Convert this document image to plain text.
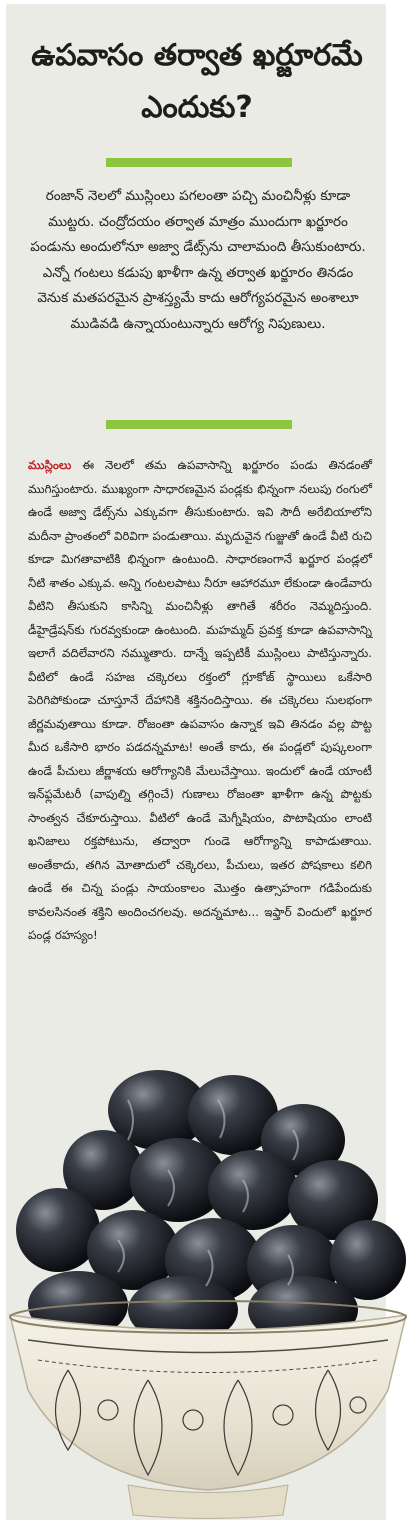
ఉపవాసం తర్వాత ఖర్జూరమే ఎందుకు?
రంజాన్ నెలలో ముస్లింలు పగలంతా పచ్చి మంచినీళ్లు కూడా ముట్టరు. చంద్రోదయం తర్వాత మాత్రం ముందుగా ఖర్జూరం పండును అందులోనూ అజ్వా డేట్స్‌ను చాలామంది తీసుకుంటారు. ఎన్నో గంటలు కడుపు ఖాళీగా ఉన్న తర్వాత ఖర్జూరం తినడం వెనుక మతపరమైన ప్రాశస్త్యమే కాదు ఆరోగ్యపరమైన అంశాలూ ముడివడి ఉన్నాయంటున్నారు ఆరోగ్య నిపుణులు.
ముస్లింలు ఈ నెలలో తమ ఉపవాసాన్ని ఖర్జూరం పండు తినడంతో ముగిస్తుంటారు. ముఖ్యంగా సాధారణమైన పండ్లకు భిన్నంగా నలుపు రంగులో ఉండే అజ్వా డేట్స్‌ను ఎక్కువగా తీసుకుంటారు. ఇవి సౌదీ అరేబియాలోని మదీనా ప్రాంతంలో విరివిగా పండుతాయి. మృదువైన గుజ్జుతో ఉండే వీటి రుచి కూడా మిగతావాటికి భిన్నంగా ఉంటుంది. సాధారణంగానే ఖర్జూర పండ్లలో నీటి శాతం ఎక్కువ. అన్ని గంటలపాటు నీరూ ఆహారమూ లేకుండా ఉండేవారు వీటిని తీసుకుని కాసిన్ని మంచినీళ్లు తాగితే శరీరం నెమ్మదిస్తుంది. డీహైడ్రేషన్‌కు గురవ్వకుండా ఉంటుంది. మహమ్మద్ ప్రవక్త కూడా ఉపవాసాన్ని ఇలాగే వదిలేవారని నమ్ముతారు. దాన్నే ఇప్పటికీ ముస్లింలు పాటిస్తున్నారు. వీటిలో ఉండే సహజ చక్కెరలు రక్తంలో గ్లూకోజ్ స్థాయిలు ఒకేసారి పెరిగిపోకుండా చూస్తూనే దేహానికి శక్తినందిస్తాయి. ఈ చక్కెరలు సులభంగా జీర్ణమవుతాయి కూడా. రోజంతా ఉపవాసం ఉన్నాక ఇవి తినడం వల్ల పొట్ట మీద ఒకేసారి భారం పడదన్నమాట! అంతే కాదు, ఈ పండ్లలో పుష్కలంగా ఉండే పీచులు జీర్ణాశయ ఆరోగ్యానికి మేలుచేస్తాయి. ఇందులో ఉండే యాంటీ ఇన్‌ఫ్లమేటరీ (వాపుల్ని తగ్గించే) గుణాలు రోజంతా ఖాళీగా ఉన్న పొట్టకు సాంత్వన చేకూరుస్తాయి. వీటిలో ఉండే మెగ్నీషియం, పొటాషియం లాంటి ఖనిజాలు రక్తపోటును, తద్వారా గుండె ఆరోగ్యాన్ని కాపాడుతాయి. అంతేకాదు, తగిన మోతాదులో చక్కెరలు, పీచులు, ఇతర పోషకాలు కలిగి ఉండే ఈ చిన్న పండ్లు సాయంకాలం మొత్తం ఉత్సాహంగా గడిపేందుకు కావలసినంత శక్తిని అందించగలవు. అదన్నమాట... ఇఫ్తార్ విందులో ఖర్జూర పండ్ల రహస్యం!
